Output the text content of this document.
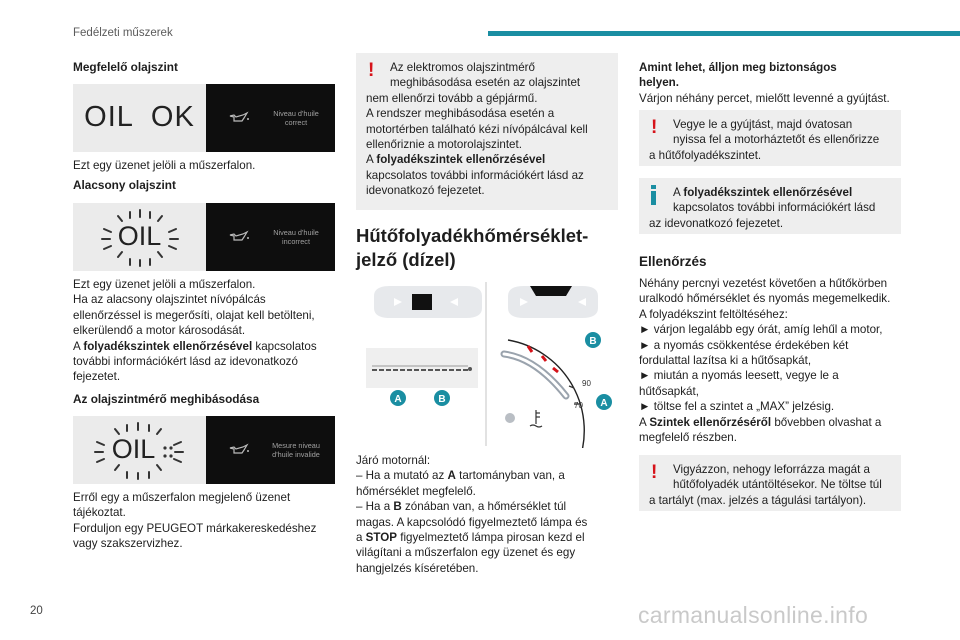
Fedélzeti műszerek
Megfelelő olajszint
OIL  OK	Niveau d'huile
correct
Ezt egy üzenet jelöli a műszerfalon.
Alacsony olajszint
OIL	Niveau d'huile
incorrect
Ezt egy üzenet jelöli a műszerfalon.
Ha az alacsony olajszintet nívópálcás
ellenőrzéssel is megerősíti, olajat kell betölteni,
elkerülendő a motor károsodását.
A folyadékszintek ellenőrzésével kapcsolatos
további információkért lásd az idevonatkozó
fejezetet.
Az olajszintmérő meghibásodása
OIL	Mesure niveau
d'huile invalide
Erről egy a műszerfalon megjelenő üzenet
tájékoztat.
Forduljon egy PEUGEOT márkakereskedéshez
vagy szakszervizhez.
!	Az elektromos olajszintmérő
meghibásodása esetén az olajszintet
nem ellenőrzi tovább a gépjármű.
A rendszer meghibásodása esetén a
motortérben található kézi nívópálcával kell
ellenőriznie a motorolajszintet.
A folyadékszintek ellenőrzésével
kapcsolatos további információkért lásd az
idevonatkozó fejezetet.
Hűtőfolyadékhőmérséklet-
jelző (dízel)
A	B
90
70
B
A
Járó motornál:
– Ha a mutató az A tartományban van, a
hőmérséklet megfelelő.
– Ha a B zónában van, a hőmérséklet túl
magas. A kapcsolódó figyelmeztető lámpa és
a STOP figyelmeztető lámpa pirosan kezd el
világítani a műszerfalon egy üzenet és egy
hangjelzés kíséretében.
Amint lehet, álljon meg biztonságos
helyen.
Várjon néhány percet, mielőtt levenné a gyújtást.
!	Vegye le a gyújtást, majd óvatosan
nyissa fel a motorháztetőt és ellenőrizze
a hűtőfolyadékszintet.
A folyadékszintek ellenőrzésével
kapcsolatos további információkért lásd
az idevonatkozó fejezetet.
Ellenőrzés
Néhány percnyi vezetést követően a hűtőkörben
uralkodó hőmérséklet és nyomás megemelkedik.
A folyadékszint feltöltéséhez:
► várjon legalább egy órát, amíg lehűl a motor,
► a nyomás csökkentése érdekében két
fordulattal lazítsa ki a hűtősapkát,
► miután a nyomás leesett, vegye le a
hűtősapkát,
► töltse fel a szintet a „MAX” jelzésig.
A Szintek ellenőrzéséről bővebben olvashat a
megfelelő részben.
!	Vigyázzon, nehogy leforrázza magát a
hűtőfolyadék utántöltésekor. Ne töltse túl
a tartályt (max. jelzés a tágulási tartályon).
20	carmanualsonline.info
